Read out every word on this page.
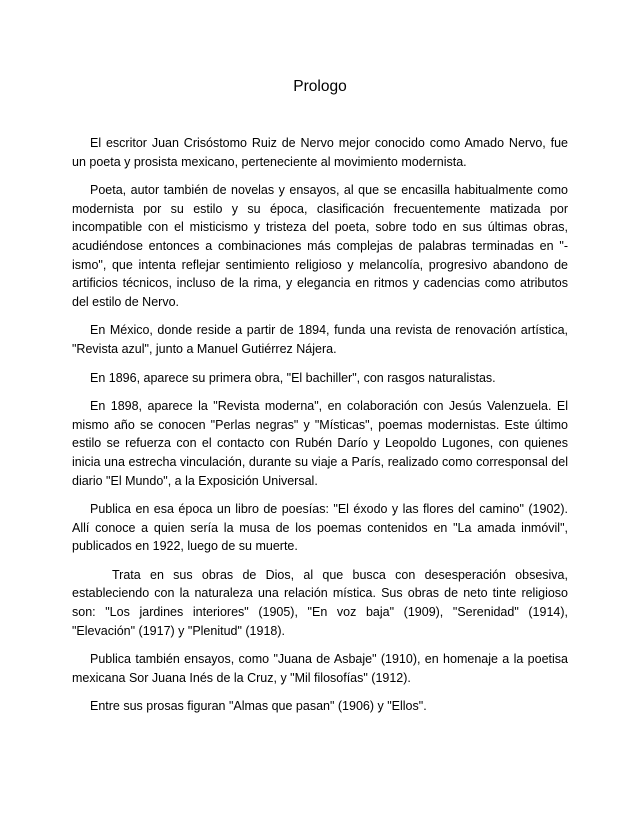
Prologo

El escritor Juan Crisóstomo Ruiz de Nervo mejor conocido como Amado Nervo, fue un poeta y prosista mexicano, perteneciente al movimiento modernista.

Poeta, autor también de novelas y ensayos, al que se encasilla habitualmente como modernista por su estilo y su época, clasificación frecuentemente matizada por incompatible con el misticismo y tristeza del poeta, sobre todo en sus últimas obras, acudiéndose entonces a combinaciones más complejas de palabras terminadas en "-ismo", que intenta reflejar sentimiento religioso y melancolía, progresivo abandono de artificios técnicos, incluso de la rima, y elegancia en ritmos y cadencias como atributos del estilo de Nervo.

En México, donde reside a partir de 1894, funda una revista de renovación artística, "Revista azul", junto a Manuel Gutiérrez Nájera.

En 1896, aparece su primera obra, "El bachiller", con rasgos naturalistas.

En 1898, aparece la "Revista moderna", en colaboración con Jesús Valenzuela. El mismo año se conocen "Perlas negras" y "Místicas", poemas modernistas. Este último estilo se refuerza con el contacto con Rubén Darío y Leopoldo Lugones, con quienes inicia una estrecha vinculación, durante su viaje a París, realizado como corresponsal del diario "El Mundo", a la Exposición Universal.

Publica en esa época un libro de poesías: "El éxodo y las flores del camino" (1902). Allí conoce a quien sería la musa de los poemas contenidos en "La amada inmóvil", publicados en 1922, luego de su muerte.

Trata en sus obras de Dios, al que busca con desesperación obsesiva, estableciendo con la naturaleza una relación mística. Sus obras de neto tinte religioso son: "Los jardines interiores" (1905), "En voz baja" (1909), "Serenidad" (1914), "Elevación" (1917) y "Plenitud" (1918).

Publica también ensayos, como "Juana de Asbaje" (1910), en homenaje a la poetisa mexicana Sor Juana Inés de la Cruz, y "Mil filosofías" (1912).

Entre sus prosas figuran "Almas que pasan" (1906) y "Ellos".
